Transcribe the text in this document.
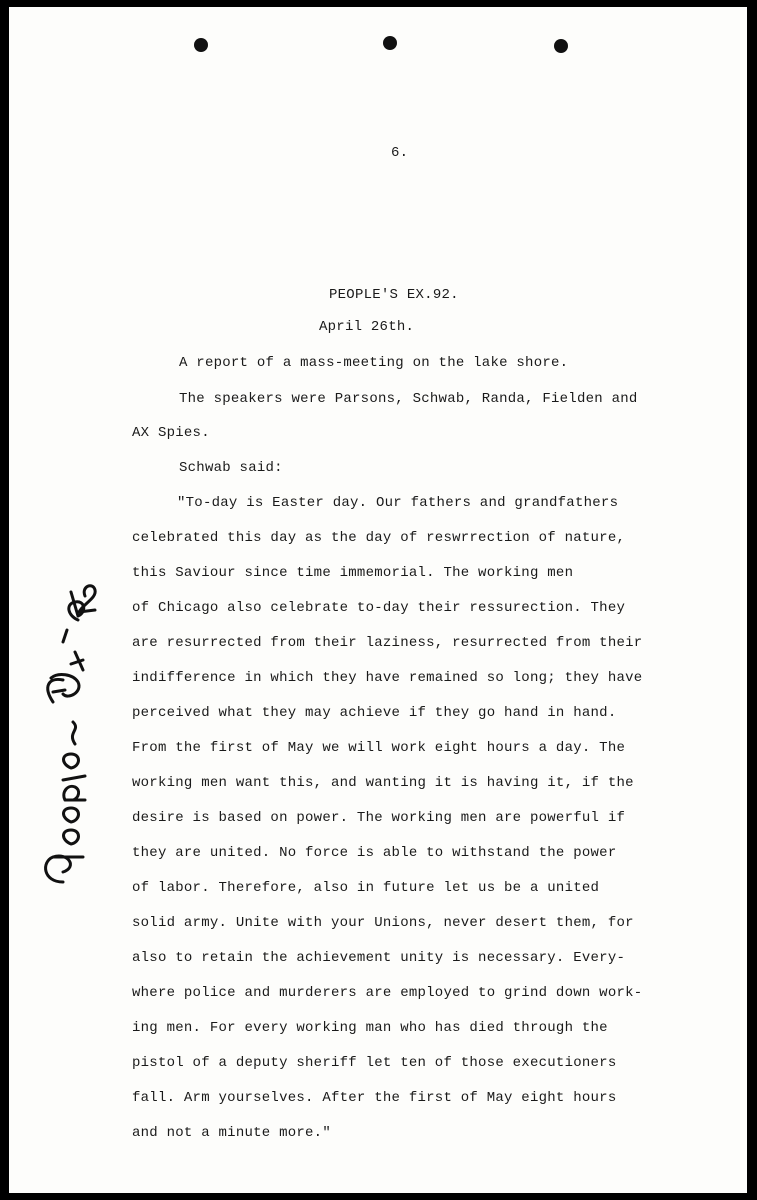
6.
PEOPLE'S EX.92.
April 26th.
A report of a mass-meeting on the lake shore.
The speakers were Parsons, Schwab, Randa, Fielden and
AX Spies.
Schwab said:
"To-day is Easter day. Our fathers and grandfathers
celebrated this day as the day of reswrrection of nature,
this Saviour since time immemorial. The working men
of Chicago also celebrate to-day their ressurection. They
are resurrected from their laziness, resurrected from their
indifference in which they have remained so long; they have
perceived what they may achieve if they go hand in hand.
From the first of May we will work eight hours a day. The
working men want this, and wanting it is having it, if the
desire is based on power. The working men are powerful if
they are united. No force is able to withstand the power
of labor. Therefore, also in future let us be a united
solid army. Unite with your Unions, never desert them, for
also to retain the achievement unity is necessary. Every-
where police and murderers are employed to grind down work-
ing men. For every working man who has died through the
pistol of a deputy sheriff let ten of those executioners
fall. Arm yourselves. After the first of May eight hours
and not a minute more."
